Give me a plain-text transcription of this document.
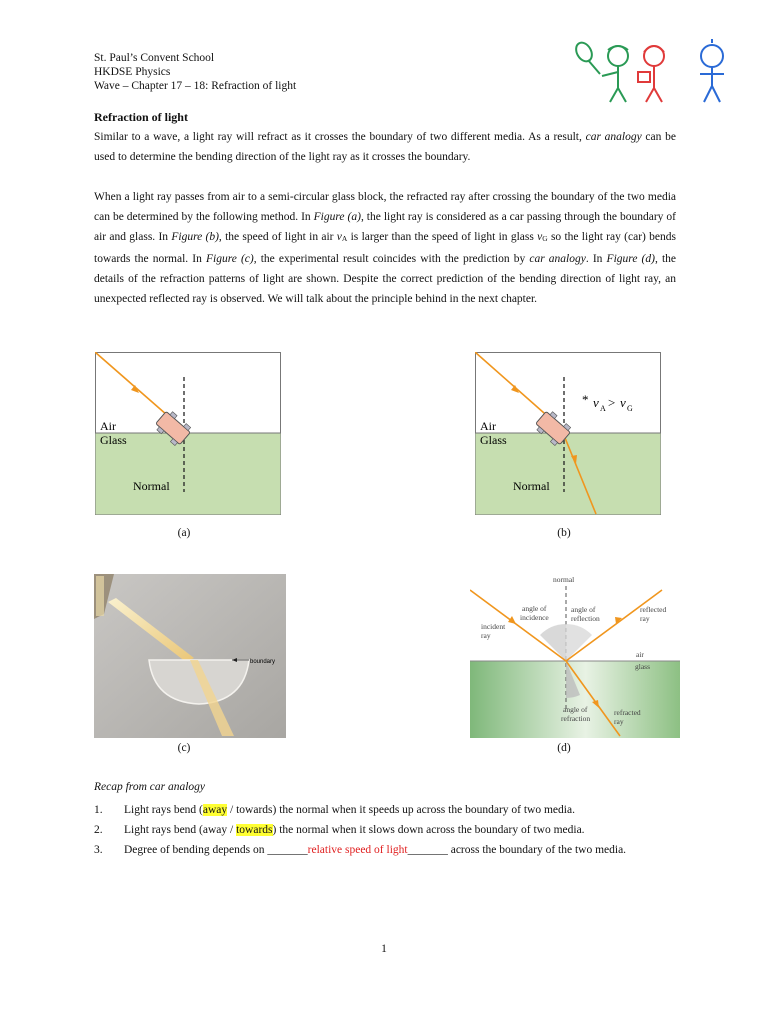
St. Paul’s Convent School
HKDSE Physics
Wave – Chapter 17 – 18: Refraction of light
Refraction of light
Similar to a wave, a light ray will refract as it crosses the boundary of two different media. As a result, car analogy can be used to determine the bending direction of the light ray as it crosses the boundary.
When a light ray passes from air to a semi-circular glass block, the refracted ray after crossing the boundary of the two media can be determined by the following method. In Figure (a), the light ray is considered as a car passing through the boundary of air and glass. In Figure (b), the speed of light in air vA is larger than the speed of light in glass vG so the light ray (car) bends towards the normal. In Figure (c), the experimental result coincides with the prediction by car analogy. In Figure (d), the details of the refraction patterns of light are shown. Despite the correct prediction of the bending direction of light ray, an unexpected reflected ray is observed. We will talk about the principle behind in the next chapter.
Air
Glass
Normal
(a)
* v A > v G
Air
Glass
Normal
(b)
boundary
(c)
normal
angle of
incidence
angle of
reflection
incident
ray
reflected
ray
air
glass
angle of
refraction
refracted
ray
(d)
Recap from car analogy
1. Light rays bend (away / towards) the normal when it speeds up across the boundary of two media.
2. Light rays bend (away / towards) the normal when it slows down across the boundary of two media.
3. Degree of bending depends on _______relative speed of light_______ across the boundary of the two media.
1
